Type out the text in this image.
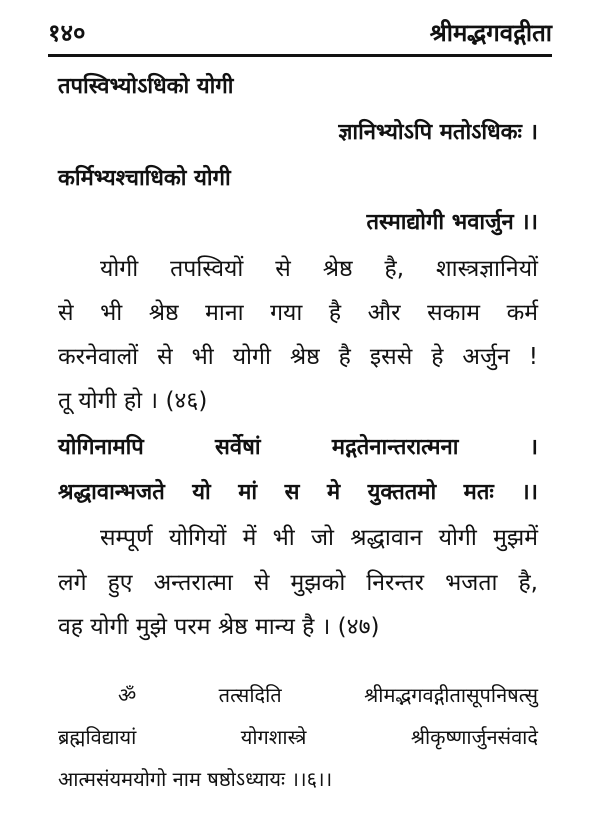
१४०	श्रीमद्भगवद्गीता
तपस्विभ्योऽधिको योगी
ज्ञानिभ्योऽपि मतोऽधिकः ।
कर्मिभ्यश्चाधिको योगी
तस्माद्योगी भवार्जुन ।।
योगी तपस्वियों से श्रेष्ठ है, शास्त्रज्ञानियों
से भी श्रेष्ठ माना गया है और सकाम कर्म
करनेवालों से भी योगी श्रेष्ठ है इससे हे अर्जुन !
तू योगी हो । (४६)
योगिनामपि सर्वेषां मद्गतेनान्तरात्मना ।
श्रद्धावान्भजते यो मां स मे युक्ततमो मतः ।।
सम्पूर्ण योगियों में भी जो श्रद्धावान योगी मुझमें
लगे हुए अन्तरात्मा से मुझको निरन्तर भजता है,
वह योगी मुझे परम श्रेष्ठ मान्य है । (४७)
ॐ तत्सदिति श्रीमद्भगवद्गीतासूपनिषत्सु
ब्रह्मविद्यायां योगशास्त्रे श्रीकृष्णार्जुनसंवादे
आत्मसंयमयोगो नाम षष्ठोऽध्यायः ।।६।।
